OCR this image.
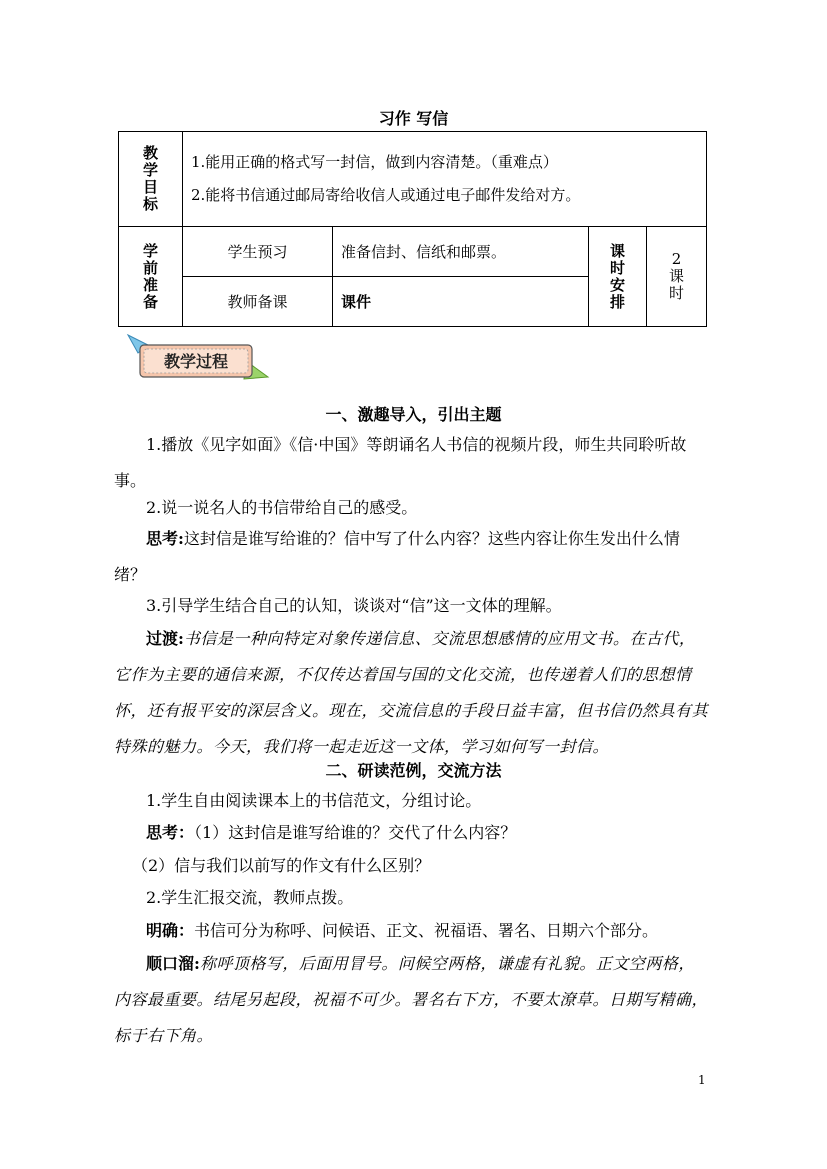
习作 写信
教学目标	1.能用正确的格式写一封信，做到内容清楚。（重难点）
2.能将书信通过邮局寄给收信人或通过电子邮件发给对方。			

学前准备	学生预习	准备信封、信纸和邮票。	课时安排	2
课时

	教师备课	课件		
教学过程
一、激趣导入，引出主题
1.播放《见字如面》《信·中国》等朗诵名人书信的视频片段，师生共同聆听故事。
2.说一说名人的书信带给自己的感受。
思考:这封信是谁写给谁的？信中写了什么内容？这些内容让你生发出什么情绪？
3.引导学生结合自己的认知，谈谈对“信”这一文体的理解。
过渡:书信是一种向特定对象传递信息、交流思想感情的应用文书。在古代，它作为主要的通信来源，不仅传达着国与国的文化交流，也传递着人们的思想情怀，还有报平安的深层含义。现在，交流信息的手段日益丰富，但书信仍然具有其特殊的魅力。今天，我们将一起走近这一文体，学习如何写一封信。
二、研读范例，交流方法
1.学生自由阅读课本上的书信范文，分组讨论。
思考：（1）这封信是谁写给谁的？交代了什么内容？
（2）信与我们以前写的作文有什么区别？
2.学生汇报交流，教师点拨。
明确：书信可分为称呼、问候语、正文、祝福语、署名、日期六个部分。
顺口溜:称呼顶格写，后面用冒号。问候空两格，谦虚有礼貌。正文空两格，内容最重要。结尾另起段，祝福不可少。署名右下方，不要太潦草。日期写精确，标于右下角。
1
